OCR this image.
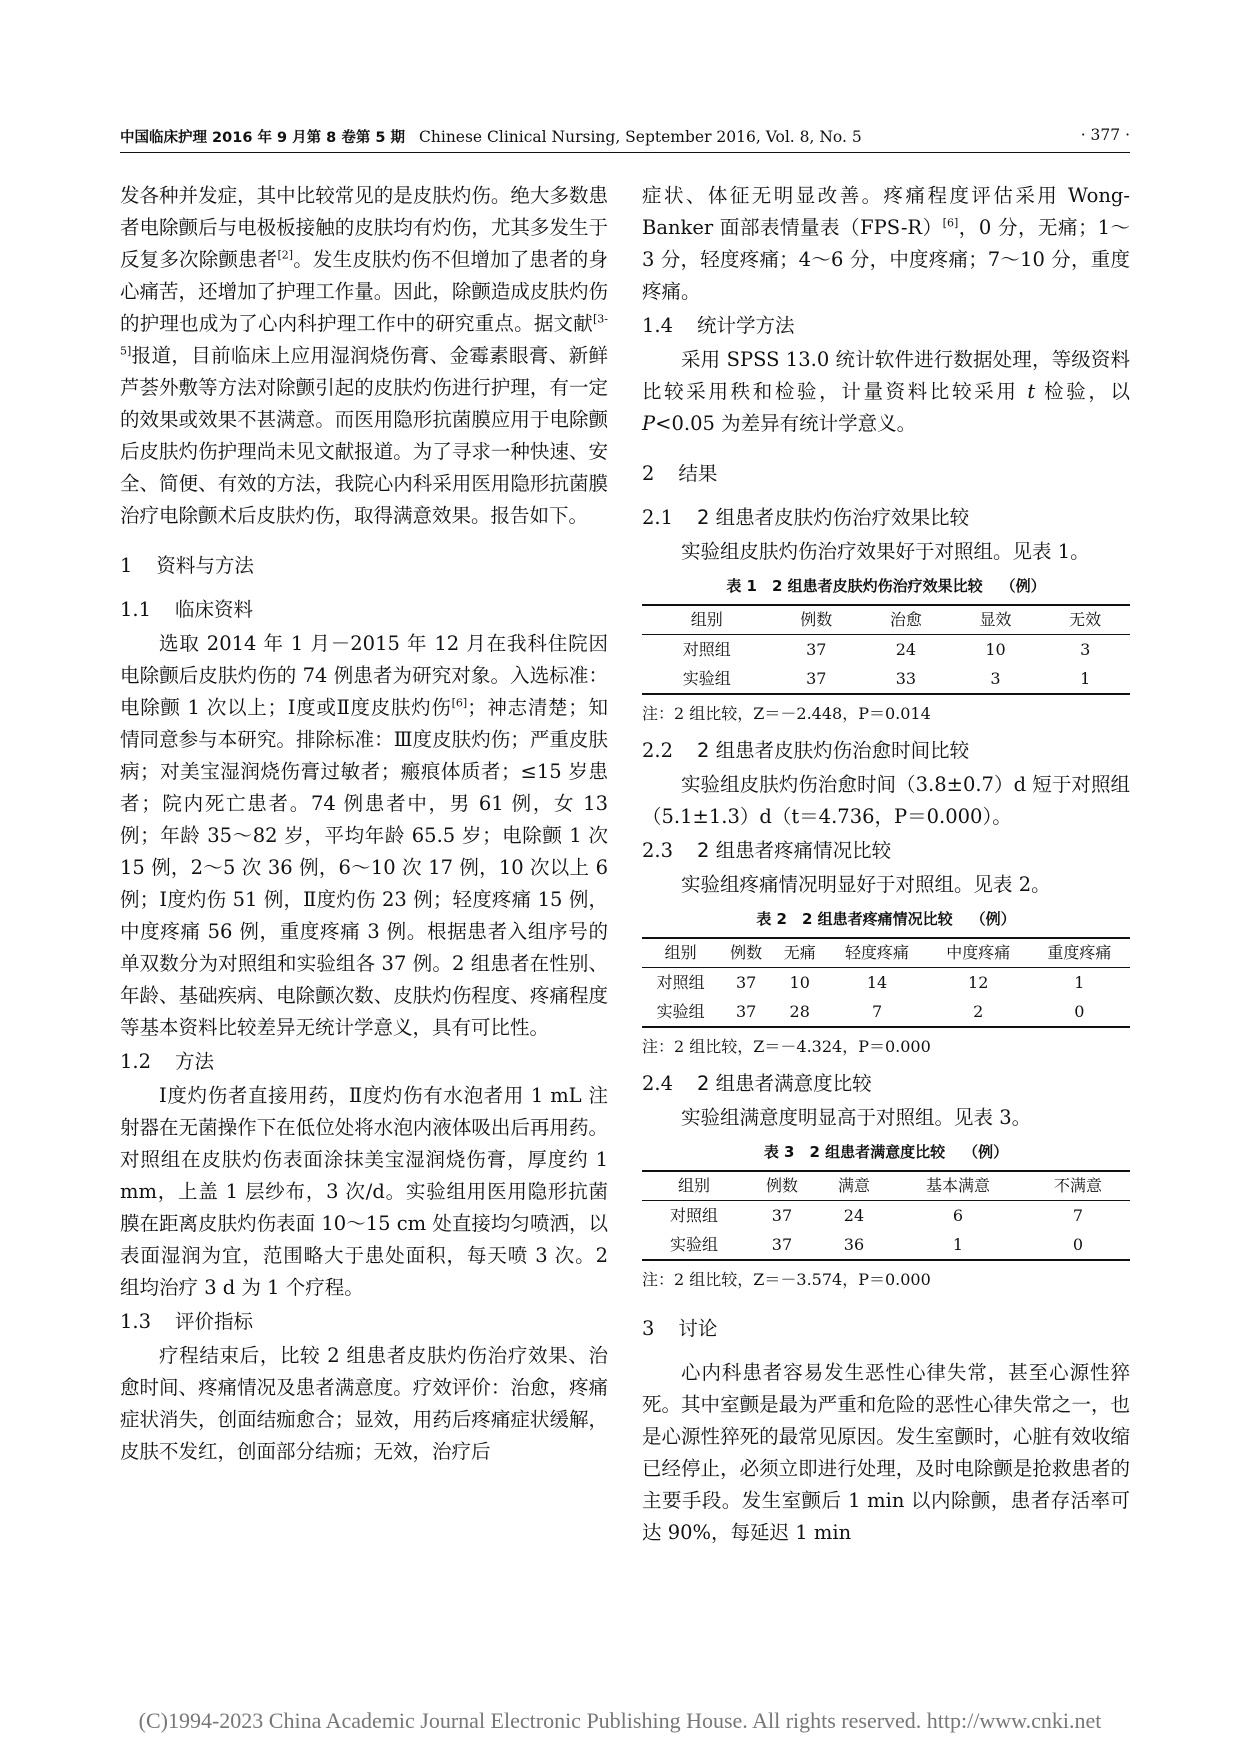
中国临床护理 2016 年 9 月第 8 卷第 5 期 Chinese Clinical Nursing, September 2016, Vol. 8, No. 5	· 377 ·

发各种并发症，其中比较常见的是皮肤灼伤。绝大多数患者电除颤后与电极板接触的皮肤均有灼伤，尤其多发生于反复多次除颤患者[2]。发生皮肤灼伤不但增加了患者的身心痛苦，还增加了护理工作量。因此，除颤造成皮肤灼伤的护理也成为了心内科护理工作中的研究重点。据文献[3-5]报道，目前临床上应用湿润烧伤膏、金霉素眼膏、新鲜芦荟外敷等方法对除颤引起的皮肤灼伤进行护理，有一定的效果或效果不甚满意。而医用隐形抗菌膜应用于电除颤后皮肤灼伤护理尚未见文献报道。为了寻求一种快速、安全、简便、有效的方法，我院心内科采用医用隐形抗菌膜治疗电除颤术后皮肤灼伤，取得满意效果。报告如下。

1 资料与方法
1.1 临床资料

选取 2014 年 1 月－2015 年 12 月在我科住院因电除颤后皮肤灼伤的 74 例患者为研究对象。入选标准：电除颤 1 次以上；Ⅰ度或Ⅱ度皮肤灼伤[6]；神志清楚；知情同意参与本研究。排除标准：Ⅲ度皮肤灼伤；严重皮肤病；对美宝湿润烧伤膏过敏者；瘢痕体质者；≤15 岁患者；院内死亡患者。74 例患者中，男 61 例，女 13 例；年龄 35～82 岁，平均年龄 65.5 岁；电除颤 1 次 15 例，2～5 次 36 例，6～10 次 17 例，10 次以上 6 例；Ⅰ度灼伤 51 例，Ⅱ度灼伤 23 例；轻度疼痛 15 例，中度疼痛 56 例，重度疼痛 3 例。根据患者入组序号的单双数分为对照组和实验组各 37 例。2 组患者在性别、年龄、基础疾病、电除颤次数、皮肤灼伤程度、疼痛程度等基本资料比较差异无统计学意义，具有可比性。

1.2 方法

Ⅰ度灼伤者直接用药，Ⅱ度灼伤有水泡者用 1 mL 注射器在无菌操作下在低位处将水泡内液体吸出后再用药。对照组在皮肤灼伤表面涂抹美宝湿润烧伤膏，厚度约 1 mm，上盖 1 层纱布，3 次/d。实验组用医用隐形抗菌膜在距离皮肤灼伤表面 10～15 cm 处直接均匀喷洒，以表面湿润为宜，范围略大于患处面积，每天喷 3 次。2 组均治疗 3 d 为 1 个疗程。

1.3 评价指标

疗程结束后，比较 2 组患者皮肤灼伤治疗效果、治愈时间、疼痛情况及患者满意度。疗效评价：治愈，疼痛症状消失，创面结痂愈合；显效，用药后疼痛症状缓解，皮肤不发红，创面部分结痂；无效，治疗后

症状、体征无明显改善。疼痛程度评估采用 Wong-Banker 面部表情量表（FPS-R）[6]，0 分，无痛；1～3 分，轻度疼痛；4～6 分，中度疼痛；7～10 分，重度疼痛。

1.4 统计学方法

采用 SPSS 13.0 统计软件进行数据处理，等级资料比较采用秩和检验，计量资料比较采用 t 检验，以 P<0.05 为差异有统计学意义。

2 结果
2.1 2 组患者皮肤灼伤治疗效果比较

实验组皮肤灼伤治疗效果好于对照组。见表 1。

表 1　2 组患者皮肤灼伤治疗效果比较 （例）
组别	例数	治愈	显效	无效
对照组	37	24	10	3
实验组	37	33	3	1
注：2 组比较，Z＝－2.448，P＝0.014
2.2 2 组患者皮肤灼伤治愈时间比较

实验组皮肤灼伤治愈时间（3.8±0.7）d 短于对照组（5.1±1.3）d（t＝4.736，P＝0.000）。

2.3 2 组患者疼痛情况比较

实验组疼痛情况明显好于对照组。见表 2。

表 2　2 组患者疼痛情况比较 （例）
组别	例数	无痛	轻度疼痛	中度疼痛	重度疼痛
对照组	37	10	14	12	1
实验组	37	28	7	2	0
注：2 组比较，Z＝－4.324，P＝0.000
2.4 2 组患者满意度比较

实验组满意度明显高于对照组。见表 3。

表 3　2 组患者满意度比较 （例）
组别	例数	满意	基本满意	不满意
对照组	37	24	6	7
实验组	37	36	1	0
注：2 组比较，Z＝－3.574，P＝0.000
3 讨论

心内科患者容易发生恶性心律失常，甚至心源性猝死。其中室颤是最为严重和危险的恶性心律失常之一，也是心源性猝死的最常见原因。发生室颤时，心脏有效收缩已经停止，必须立即进行处理，及时电除颤是抢救患者的主要手段。发生室颤后 1 min 以内除颤，患者存活率可达 90%，每延迟 1 min

(C)1994-2023 China Academic Journal Electronic Publishing House. All rights reserved. http://www.cnki.net
